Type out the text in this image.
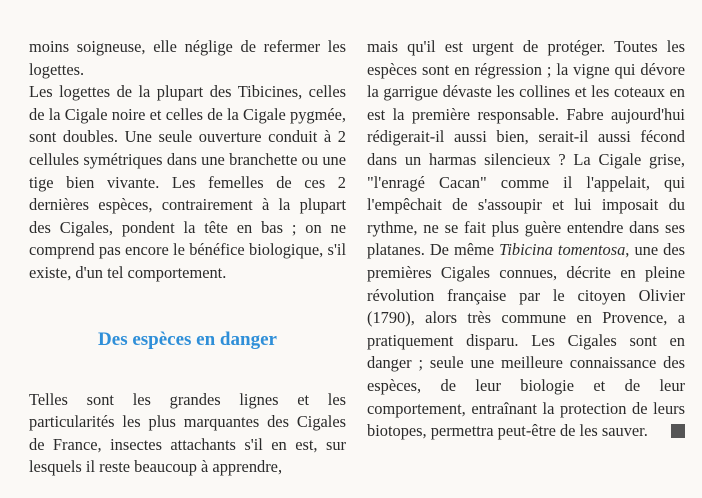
moins soigneuse, elle néglige de refermer les logettes.

Les logettes de la plupart des Tibicines, celles de la Cigale noire et celles de la Cigale pygmée, sont doubles. Une seule ouverture conduit à 2 cellules symétriques dans une branchette ou une tige bien vivante. Les femelles de ces 2 dernières espèces, contrairement à la plupart des Cigales, pondent la tête en bas ; on ne comprend pas encore le bénéfice biologique, s'il existe, d'un tel comportement.

Des espèces en danger

Telles sont les grandes lignes et les particularités les plus marquantes des Cigales de France, insectes attachants s'il en est, sur lesquels il reste beaucoup à apprendre,

mais qu'il est urgent de protéger. Toutes les espèces sont en régression ; la vigne qui dévore la garrigue dévaste les collines et les coteaux en est la première responsable. Fabre aujourd'hui rédigerait-il aussi bien, serait-il aussi fécond dans un harmas silencieux ? La Cigale grise, "l'enragé Cacan" comme il l'appelait, qui l'empêchait de s'assoupir et lui imposait du rythme, ne se fait plus guère entendre dans ses platanes. De même Tibicina tomentosa, une des premières Cigales connues, décrite en pleine révolution française par le citoyen Olivier (1790), alors très commune en Provence, a pratiquement disparu. Les Cigales sont en danger ; seule une meilleure connaissance des espèces, de leur biologie et de leur comportement, entraînant la protection de leurs biotopes, permettra peut-être de les sauver.
